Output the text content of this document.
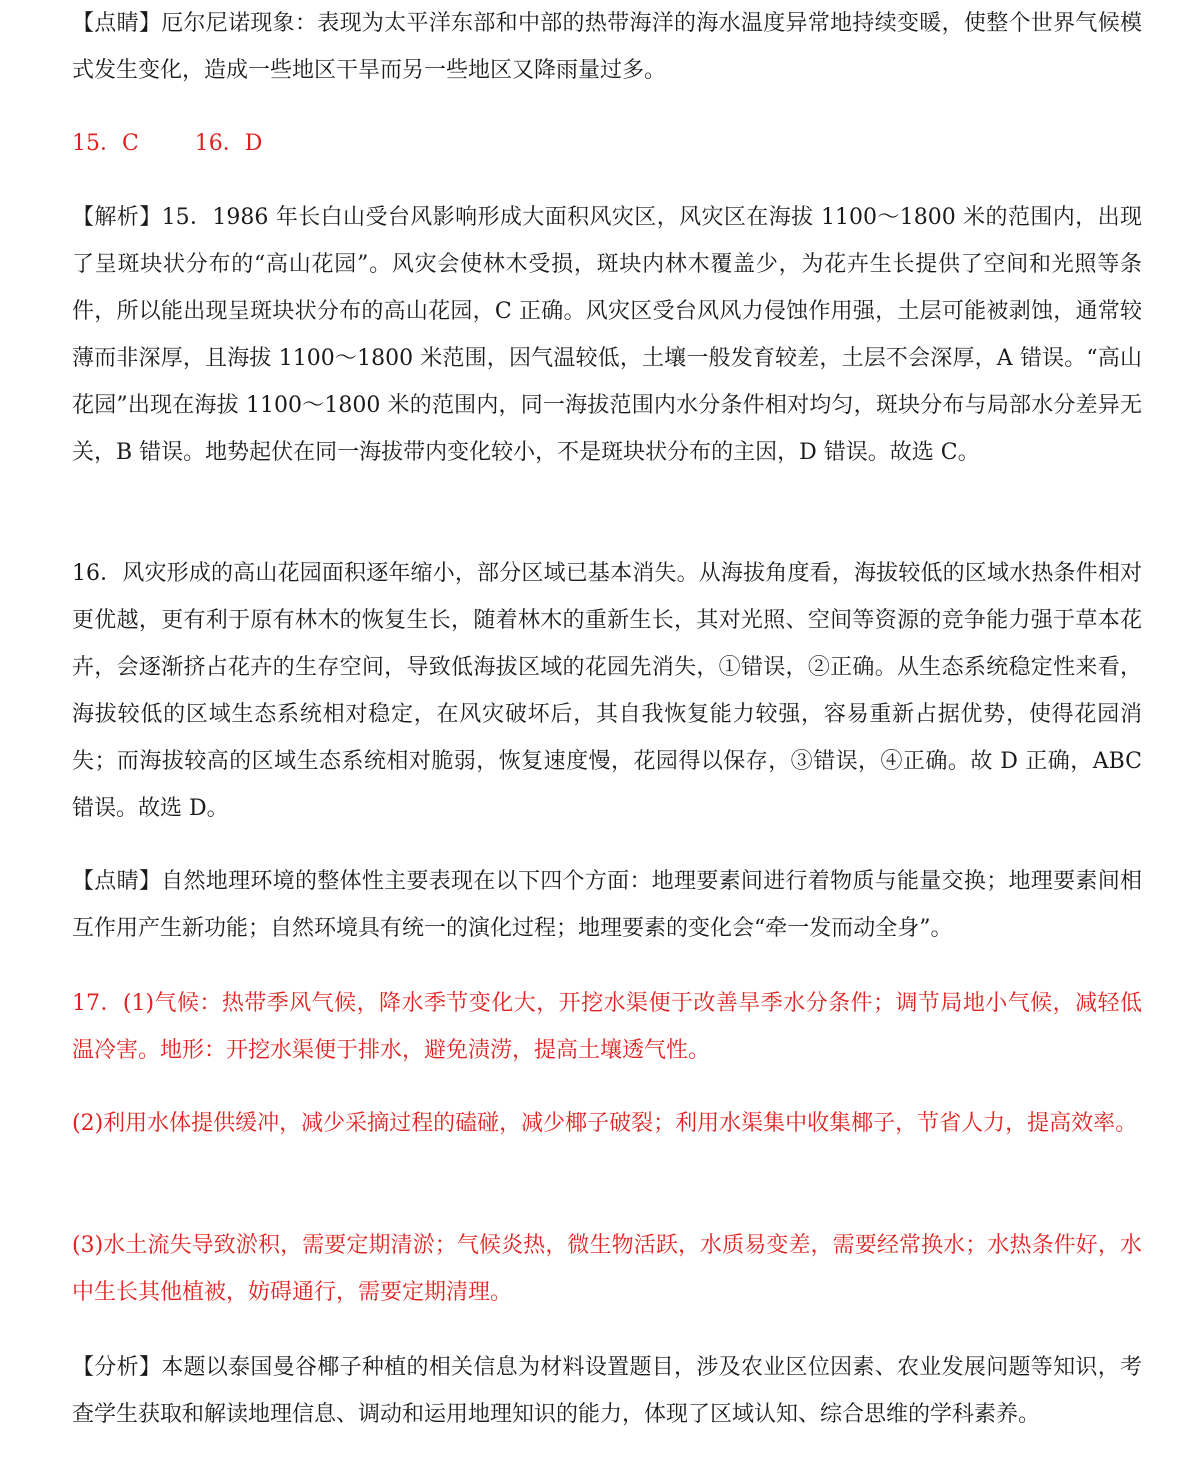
【点睛】厄尔尼诺现象：表现为太平洋东部和中部的热带海洋的海水温度异常地持续变暖，使整个世界气候模式发生变化，造成一些地区干旱而另一些地区又降雨量过多。

15．C        16．D

【解析】15．1986 年长白山受台风影响形成大面积风灾区，风灾区在海拔 1100～1800 米的范围内，出现了呈斑块状分布的“高山花园”。风灾会使林木受损，斑块内林木覆盖少，为花卉生长提供了空间和光照等条件，所以能出现呈斑块状分布的高山花园，C 正确。风灾区受台风风力侵蚀作用强，土层可能被剥蚀，通常较薄而非深厚，且海拔 1100～1800 米范围，因气温较低，土壤一般发育较差，土层不会深厚，A 错误。“高山花园”出现在海拔 1100～1800 米的范围内，同一海拔范围内水分条件相对均匀，斑块分布与局部水分差异无关，B 错误。地势起伏在同一海拔带内变化较小，不是斑块状分布的主因，D 错误。故选 C。

16．风灾形成的高山花园面积逐年缩小，部分区域已基本消失。从海拔角度看，海拔较低的区域水热条件相对更优越，更有利于原有林木的恢复生长，随着林木的重新生长，其对光照、空间等资源的竞争能力强于草本花卉，会逐渐挤占花卉的生存空间，导致低海拔区域的花园先消失，①错误，②正确。从生态系统稳定性来看，海拔较低的区域生态系统相对稳定，在风灾破坏后，其自我恢复能力较强，容易重新占据优势，使得花园消失；而海拔较高的区域生态系统相对脆弱，恢复速度慢，花园得以保存，③错误，④正确。故 D 正确，ABC 错误。故选 D。

【点睛】自然地理环境的整体性主要表现在以下四个方面：地理要素间进行着物质与能量交换；地理要素间相互作用产生新功能；自然环境具有统一的演化过程；地理要素的变化会“牵一发而动全身”。

17．(1)气候：热带季风气候，降水季节变化大，开挖水渠便于改善旱季水分条件；调节局地小气候，减轻低温冷害。地形：开挖水渠便于排水，避免渍涝，提高土壤透气性。

(2)利用水体提供缓冲，减少采摘过程的磕碰，减少椰子破裂；利用水渠集中收集椰子，节省人力，提高效率。

(3)水土流失导致淤积，需要定期清淤；气候炎热，微生物活跃，水质易变差，需要经常换水；水热条件好，水中生长其他植被，妨碍通行，需要定期清理。

【分析】本题以泰国曼谷椰子种植的相关信息为材料设置题目，涉及农业区位因素、农业发展问题等知识，考查学生获取和解读地理信息、调动和运用地理知识的能力，体现了区域认知、综合思维的学科素养。
